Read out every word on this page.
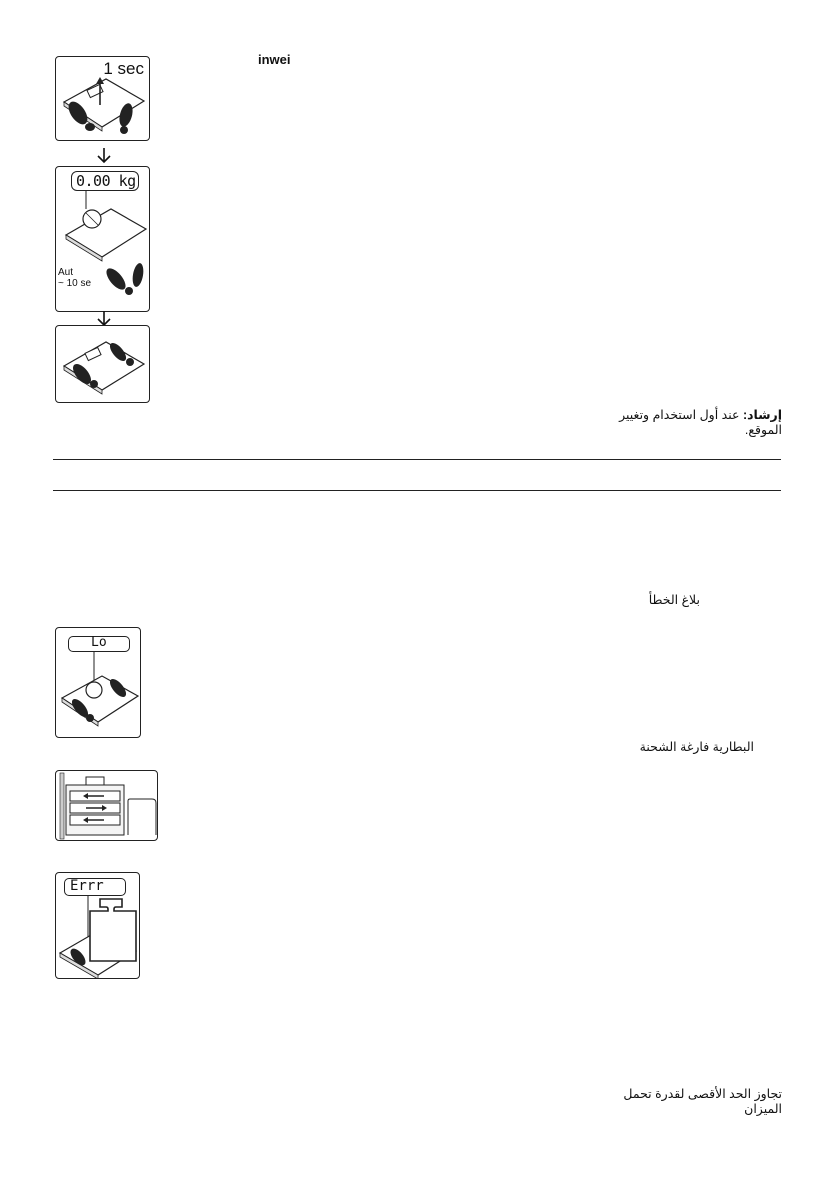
1 sec
0.00 kg
Aut
~ 10 se
inwei
إرشاد: عند أول استخدام وتغيير
الموقع.
بلاغ الخطأ
Lo
البطارية فارغة الشحنة
Errr
تجاوز الحد الأقصى لقدرة تحمل
الميزان
